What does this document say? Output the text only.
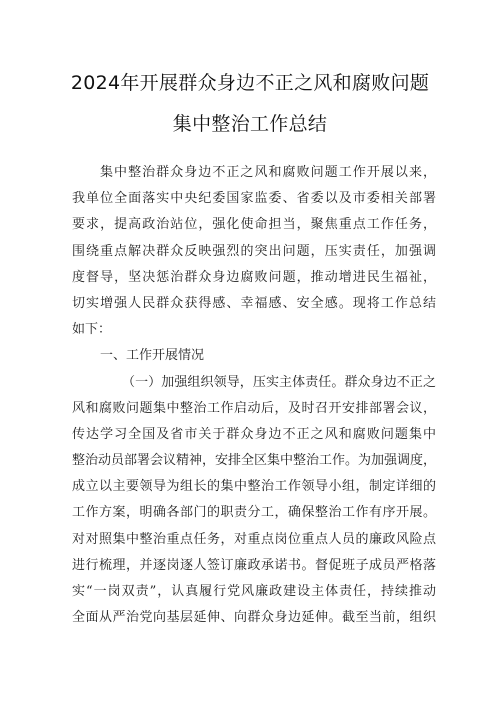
2024年开展群众身边不正之风和腐败问题
集中整治工作总结
集中整治群众身边不正之风和腐败问题工作开展以来，
我单位全面落实中央纪委国家监委、省委以及市委相关部署
要求，提高政治站位，强化使命担当，聚焦重点工作任务，
围绕重点解决群众反映强烈的突出问题，压实责任，加强调
度督导，坚决惩治群众身边腐败问题，推动增进民生福祉，
切实增强人民群众获得感、幸福感、安全感。现将工作总结
如下：
一、工作开展情况
（一）加强组织领导，压实主体责任。群众身边不正之
风和腐败问题集中整治工作启动后，及时召开安排部署会议，
传达学习全国及省市关于群众身边不正之风和腐败问题集中
整治动员部署会议精神，安排全区集中整治工作。为加强调度，
成立以主要领导为组长的集中整治工作领导小组，制定详细的
工作方案，明确各部门的职责分工，确保整治工作有序开展。
对对照集中整治重点任务，对重点岗位重点人员的廉政风险点
进行梳理，并逐岗逐人签订廉政承诺书。督促班子成员严格落
实“一岗双责”，认真履行党风廉政建设主体责任，持续推动
全面从严治党向基层延伸、向群众身边延伸。截至当前，组织
